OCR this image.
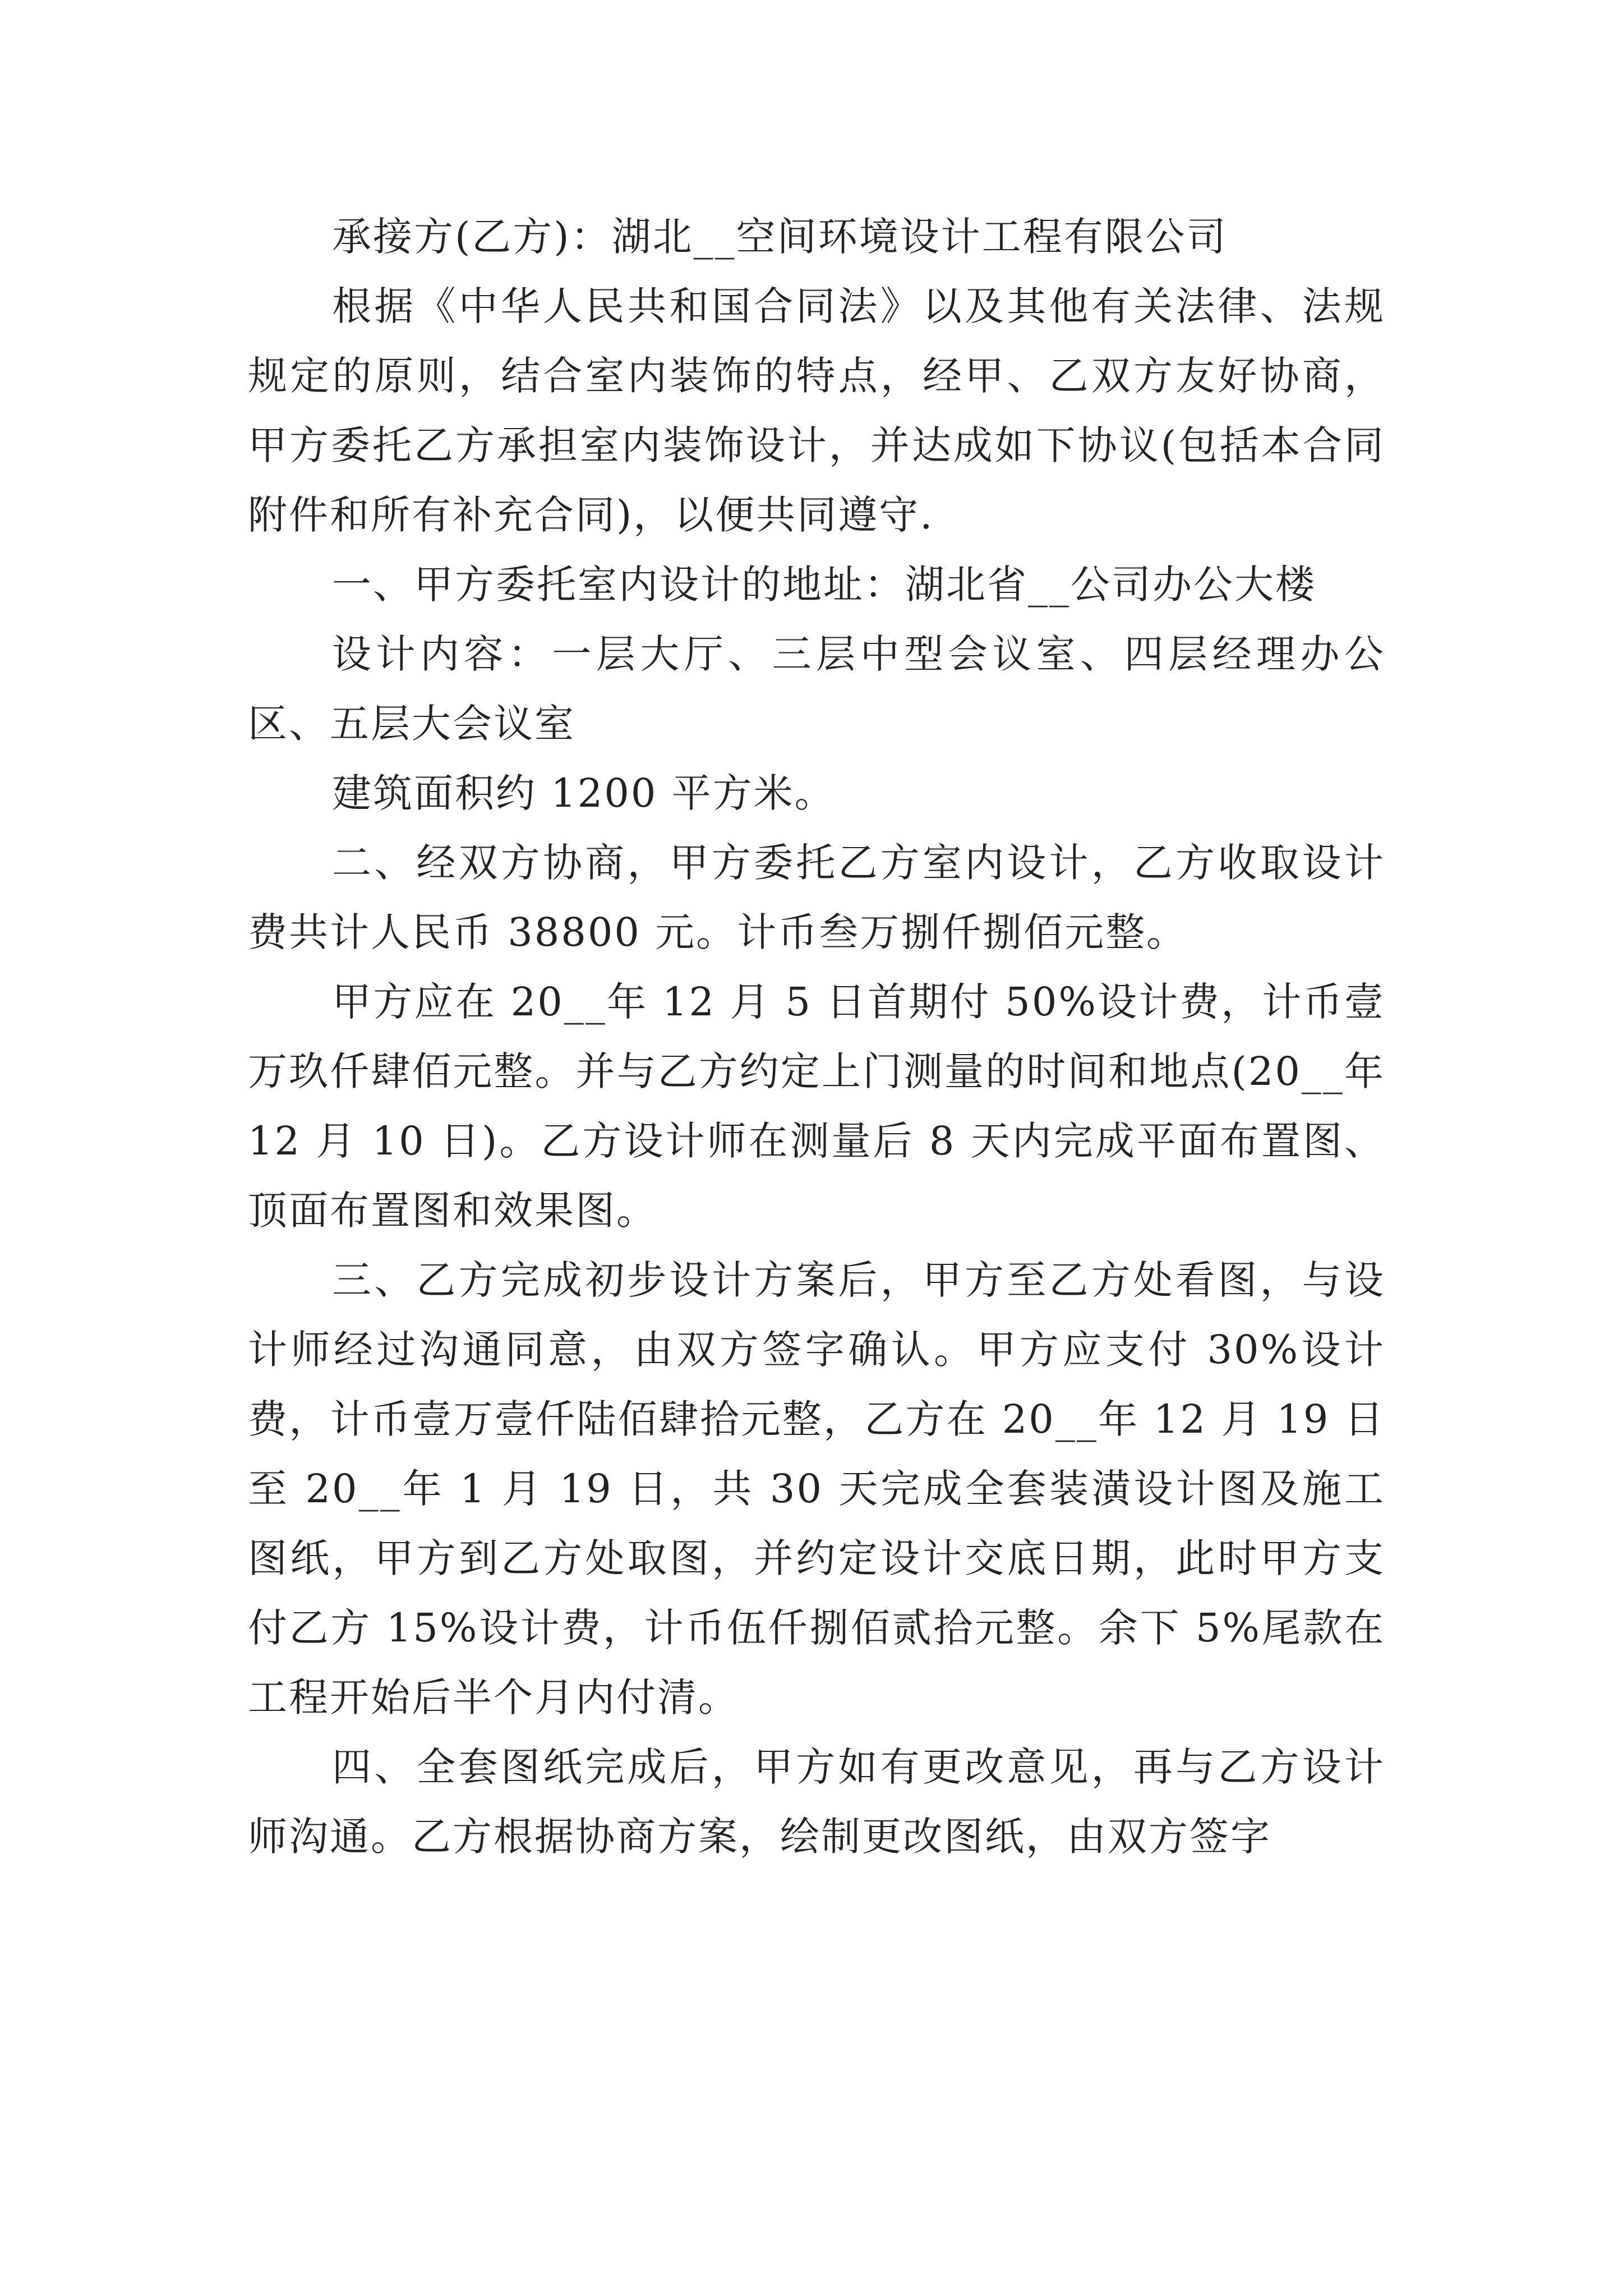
承接方(乙方)：湖北__空间环境设计工程有限公司

根据《中华人民共和国合同法》以及其他有关法律、法规规定的原则，结合室内装饰的特点，经甲、乙双方友好协商，甲方委托乙方承担室内装饰设计，并达成如下协议(包括本合同附件和所有补充合同)，以便共同遵守.

一、甲方委托室内设计的地址：湖北省__公司办公大楼

设计内容：一层大厅、三层中型会议室、四层经理办公区、五层大会议室

建筑面积约 1200 平方米。

二、经双方协商，甲方委托乙方室内设计，乙方收取设计费共计人民币 38800 元。计币叁万捌仟捌佰元整。

甲方应在 20__年 12 月 5 日首期付 50%设计费，计币壹万玖仟肆佰元整。并与乙方约定上门测量的时间和地点(20__年 12 月 10 日)。乙方设计师在测量后 8 天内完成平面布置图、顶面布置图和效果图。

三、乙方完成初步设计方案后，甲方至乙方处看图，与设计师经过沟通同意，由双方签字确认。甲方应支付 30%设计费，计币壹万壹仟陆佰肆拾元整，乙方在 20__年 12 月 19 日至 20__年 1 月 19 日，共 30 天完成全套装潢设计图及施工图纸，甲方到乙方处取图，并约定设计交底日期，此时甲方支付乙方 15%设计费，计币伍仟捌佰贰拾元整。余下 5%尾款在工程开始后半个月内付清。

四、全套图纸完成后，甲方如有更改意见，再与乙方设计师沟通。乙方根据协商方案，绘制更改图纸，由双方签字
